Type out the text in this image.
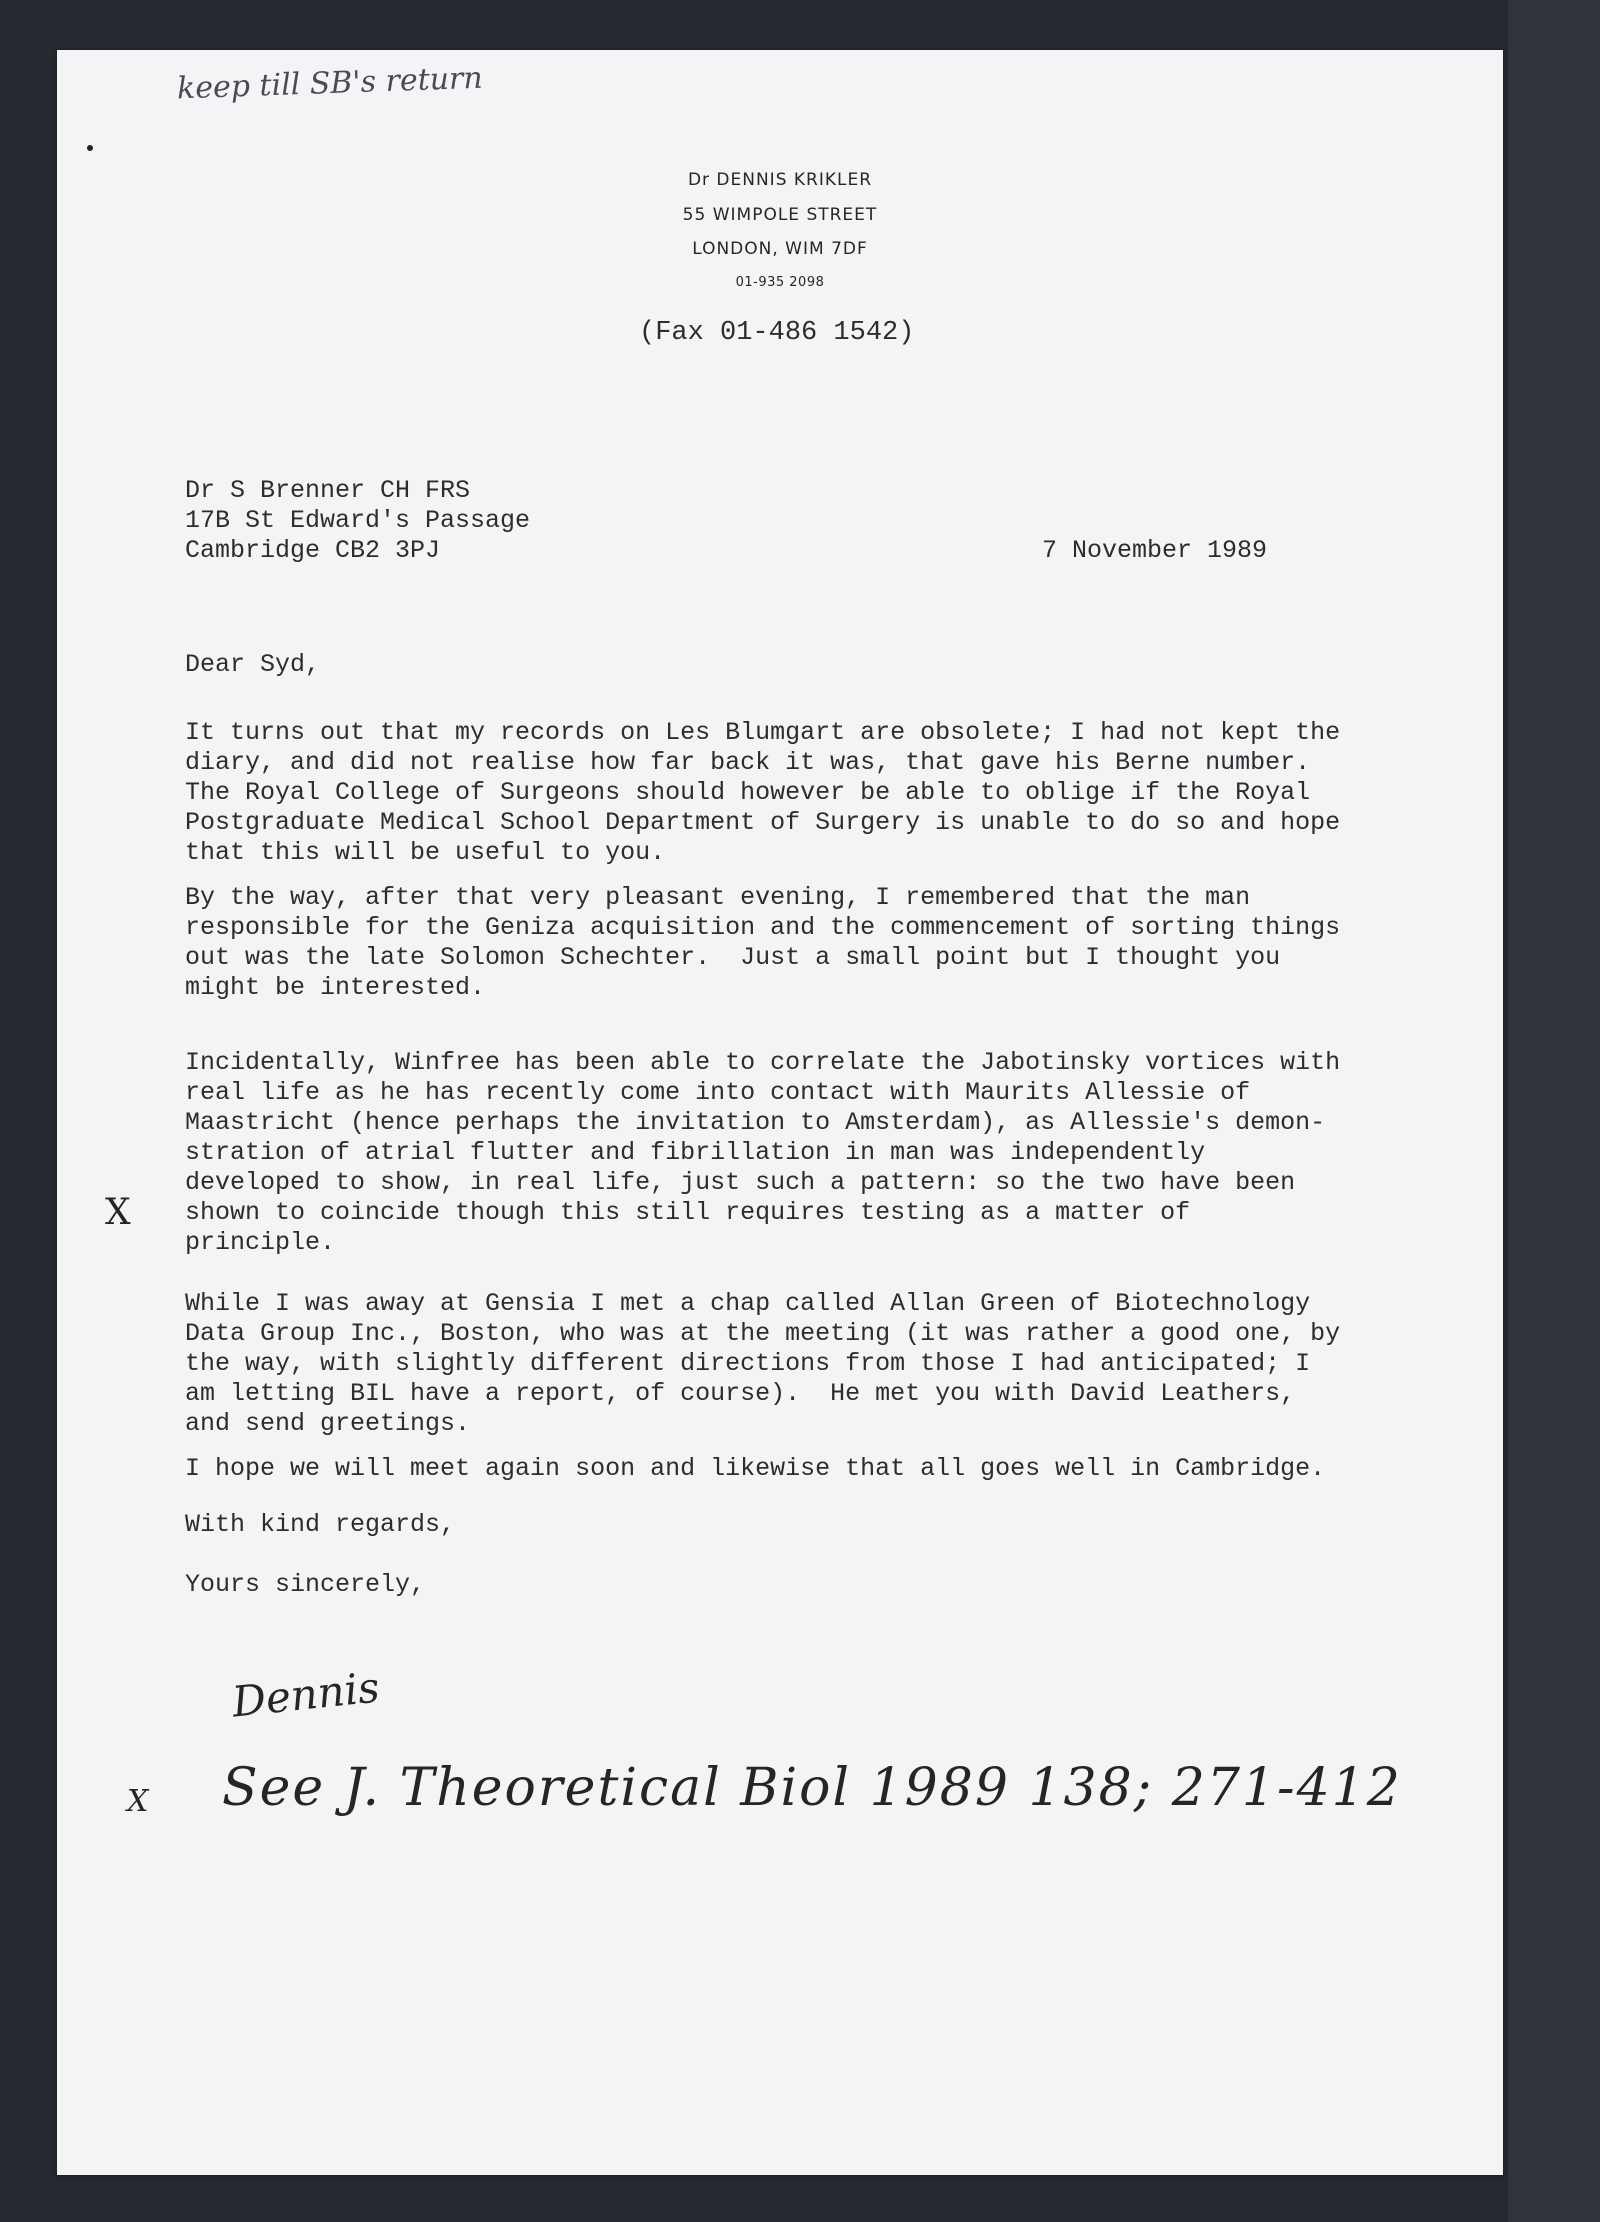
keep till SB's return
Dr DENNIS KRIKLER
55 WIMPOLE STREET
LONDON, WIM 7DF
01-935 2098
(Fax 01-486 1542)
Dr S Brenner CH FRS
17B St Edward's Passage
Cambridge CB2 3PJ	7 November 1989
Dear Syd,
It turns out that my records on Les Blumgart are obsolete; I had not kept the
diary, and did not realise how far back it was, that gave his Berne number.
The Royal College of Surgeons should however be able to oblige if the Royal
Postgraduate Medical School Department of Surgery is unable to do so and hope
that this will be useful to you.
By the way, after that very pleasant evening, I remembered that the man
responsible for the Geniza acquisition and the commencement of sorting things
out was the late Solomon Schechter.  Just a small point but I thought you
might be interested.
X
Incidentally, Winfree has been able to correlate the Jabotinsky vortices with
real life as he has recently come into contact with Maurits Allessie of
Maastricht (hence perhaps the invitation to Amsterdam), as Allessie's demon-
stration of atrial flutter and fibrillation in man was independently
developed to show, in real life, just such a pattern: so the two have been
shown to coincide though this still requires testing as a matter of
principle.
While I was away at Gensia I met a chap called Allan Green of Biotechnology
Data Group Inc., Boston, who was at the meeting (it was rather a good one, by
the way, with slightly different directions from those I had anticipated; I
am letting BIL have a report, of course).  He met you with David Leathers,
and send greetings.
I hope we will meet again soon and likewise that all goes well in Cambridge.
With kind regards,
Yours sincerely,
Dennis
X See J. Theoretical Biol 1989 138; 271-412
